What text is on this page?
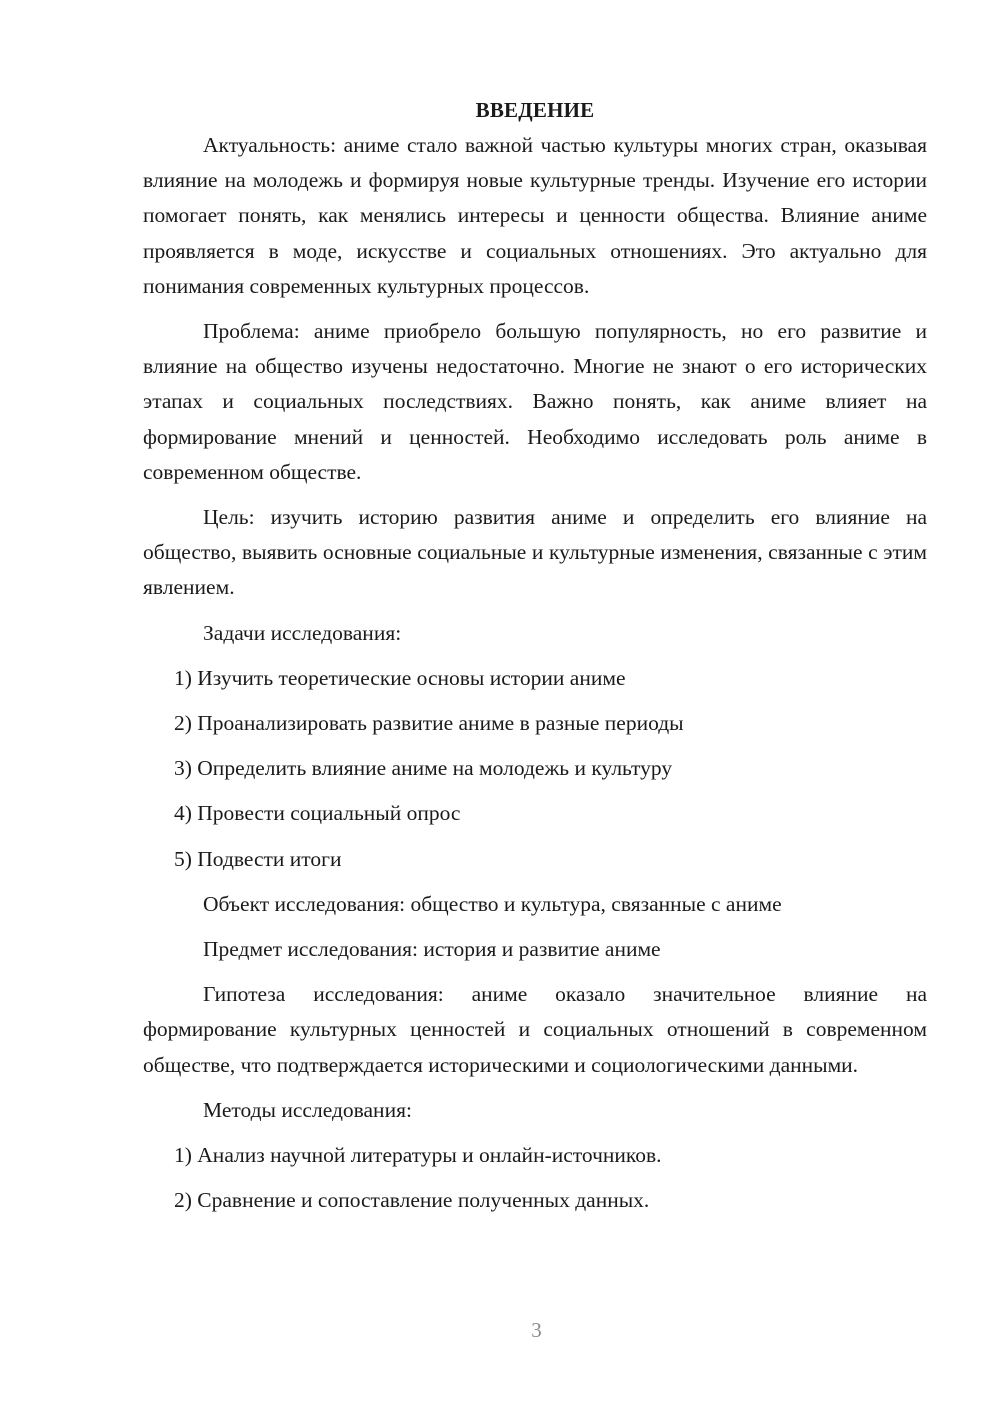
ВВЕДЕНИЕ

Актуальность: аниме стало важной частью культуры многих стран, оказывая влияние на молодежь и формируя новые культурные тренды. Изучение его истории помогает понять, как менялись интересы и ценности общества. Влияние аниме проявляется в моде, искусстве и социальных отношениях. Это актуально для понимания современных культурных процессов.

Проблема: аниме приобрело большую популярность, но его развитие и влияние на общество изучены недостаточно. Многие не знают о его исторических этапах и социальных последствиях. Важно понять, как аниме влияет на формирование мнений и ценностей. Необходимо исследовать роль аниме в современном обществе.

Цель: изучить историю развития аниме и определить его влияние на общество, выявить основные социальные и культурные изменения, связанные с этим явлением.

Задачи исследования:

1) Изучить теоретические основы истории аниме

2) Проанализировать развитие аниме в разные периоды

3) Определить влияние аниме на молодежь и культуру

4) Провести социальный опрос

5) Подвести итоги

Объект исследования: общество и культура, связанные с аниме

Предмет исследования: история и развитие аниме

Гипотеза исследования: аниме оказало значительное влияние на формирование культурных ценностей и социальных отношений в современном обществе, что подтверждается историческими и социологическими данными.

Методы исследования:

1) Анализ научной литературы и онлайн-источников.

2) Сравнение и сопоставление полученных данных.

3
